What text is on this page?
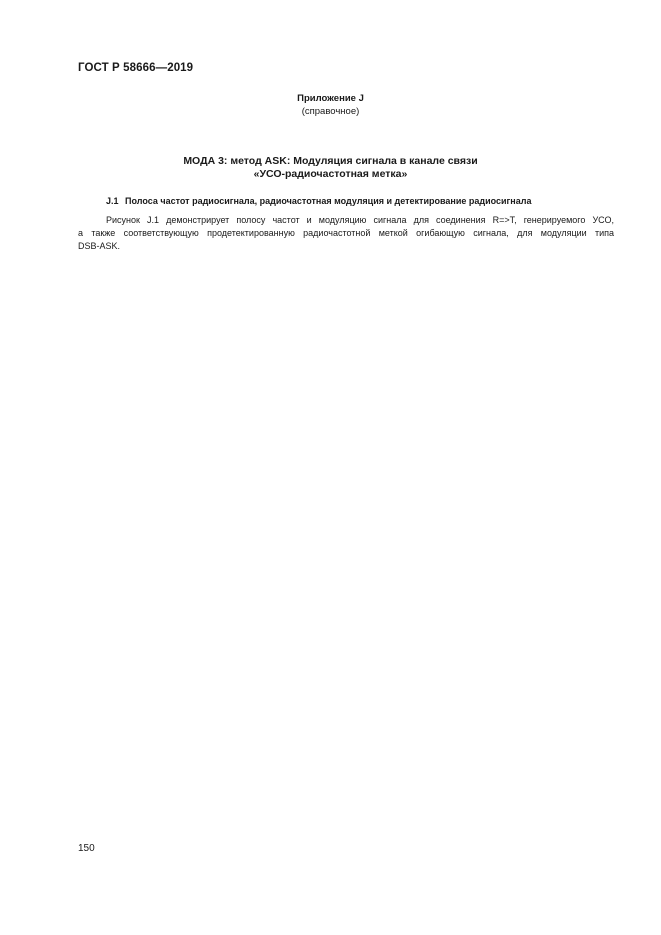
ГОСТ Р 58666—2019
Приложение J
(справочное)
МОДА 3: метод ASK: Модуляция сигнала в канале связи
«УСО-радиочастотная метка»
J.1 Полоса частот радиосигнала, радиочастотная модуляция и детектирование радиосигнала
Рисунок J.1 демонстрирует полосу частот и модуляцию сигнала для соединения R=>T, генерируемого УСО,
а также соответствующую продетектированную радиочастотной меткой огибающую сигнала, для модуляции типа
DSB-ASK.
150
